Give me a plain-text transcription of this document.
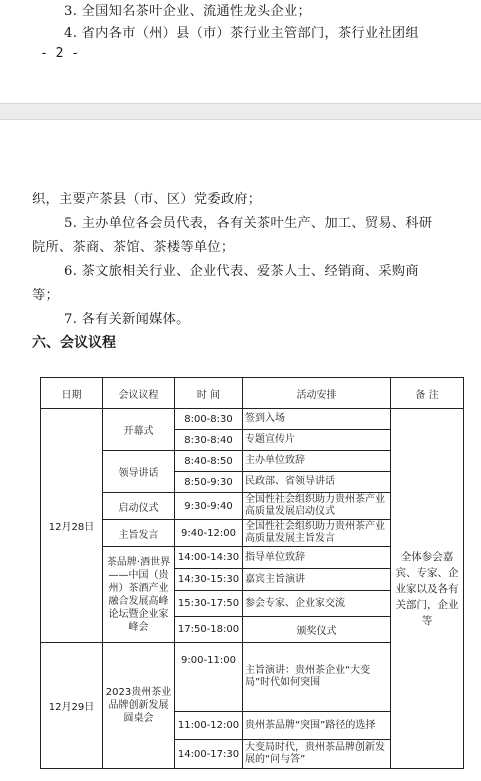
3. 全国知名茶叶企业、流通性龙头企业；
4. 省内各市（州）县（市）茶行业主管部门，茶行业社团组
- 2 -
织，主要产茶县（市、区）党委政府；
5. 主办单位各会员代表，各有关茶叶生产、加工、贸易、科研
院所、茶商、茶馆、茶楼等单位；
6. 茶文旅相关行业、企业代表、爱茶人士、经销商、采购商
等；
7. 各有关新闻媒体。
六、会议议程
日期	会议议程	时 间	活动安排	备 注
12月28日	开幕式	8:00-8:30	签到入场	全体参会嘉宾、专家、企业家以及各有关部门，企业等
		8:30-8:40	专题宣传片	
	领导讲话	8:40-8:50	主办单位致辞	
		8:50-9:30	民政部、省领导讲话	
	启动仪式	9:30-9:40	全国性社会组织助力贵州茶产业高质量发展启动仪式	
	主旨发言	9:40-12:00	全国性社会组织助力贵州茶产业高质量发展主旨发言	
	茶品牌·酒世界——中国（贵州）茶酒产业融合发展高峰论坛暨企业家峰会	14:00-14:30	指导单位致辞	
		14:30-15:30	嘉宾主旨演讲	
		15:30-17:50	参会专家、企业家交流	
		17:50-18:00	颁奖仪式	
12月29日	2023贵州茶业品牌创新发展圆桌会	9:00-11:00	主旨演讲：贵州茶企业“大变局”时代如何突围	
		11:00-12:00	贵州茶品牌“突围”路径的选择	
		14:00-17:30	大变局时代，贵州茶品牌创新发展的“问与答”	
